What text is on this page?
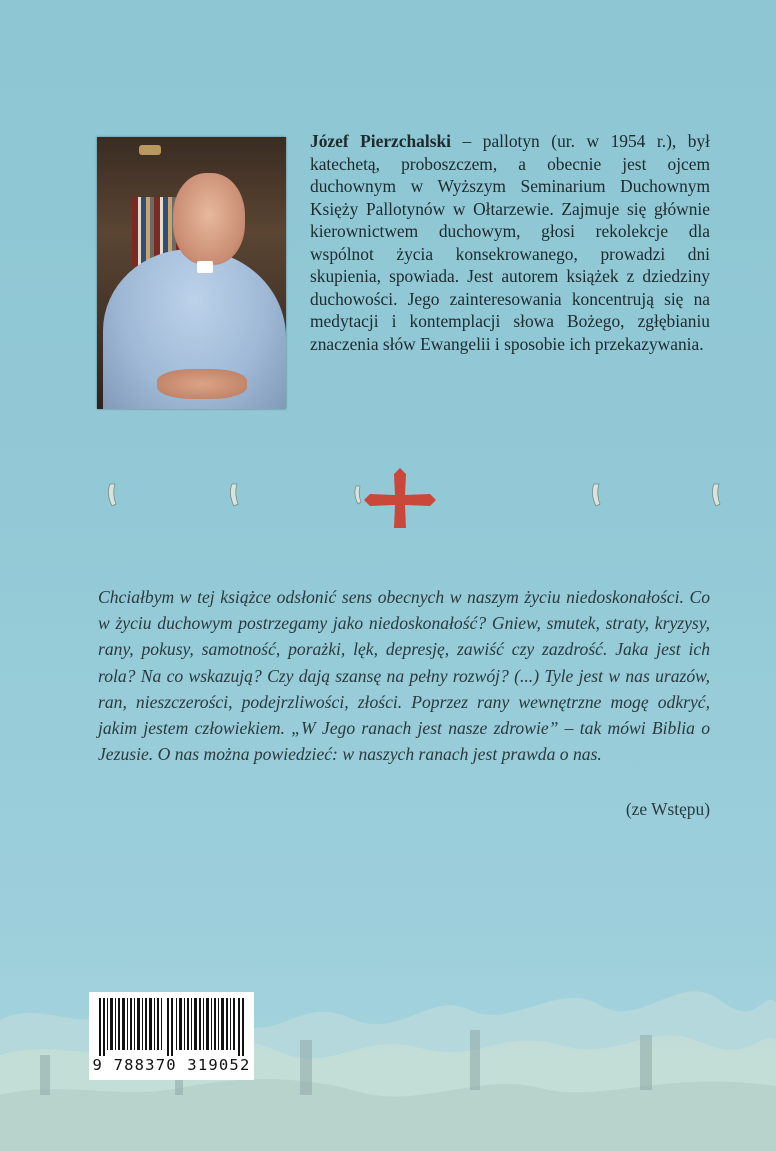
Józef Pierzchalski – pallotyn (ur. w 1954 r.), był katechetą, proboszczem, a obecnie jest ojcem duchownym w Wyższym Seminarium Duchownym Księży Pallotynów w Ołtarzewie. Zajmuje się głównie kierownictwem duchowym, głosi rekolekcje dla wspólnot życia konsekrowanego, prowadzi dni skupienia, spowiada. Jest autorem książek z dziedziny duchowości. Jego zainteresowania koncentrują się na medytacji i kontemplacji słowa Bożego, zgłębianiu znaczenia słów Ewangelii i sposobie ich przekazywania.

Chciałbym w tej książce odsłonić sens obecnych w naszym życiu niedoskonałości. Co w życiu duchowym postrzegamy jako niedoskonałość? Gniew, smutek, straty, kryzysy, rany, pokusy, samotność, porażki, lęk, depresję, zawiść czy zazdrość. Jaka jest ich rola? Na co wskazują? Czy dają szansę na pełny rozwój? (...) Tyle jest w nas urazów, ran, nieszczerości, podejrzliwości, złości. Poprzez rany wewnętrzne mogę odkryć, jakim jestem człowiekiem. „W Jego ranach jest nasze zdrowie” – tak mówi Biblia o Jezusie. O nas można powiedzieć: w naszych ranach jest prawda o nas.

(ze Wstępu)
9 788370 319052
